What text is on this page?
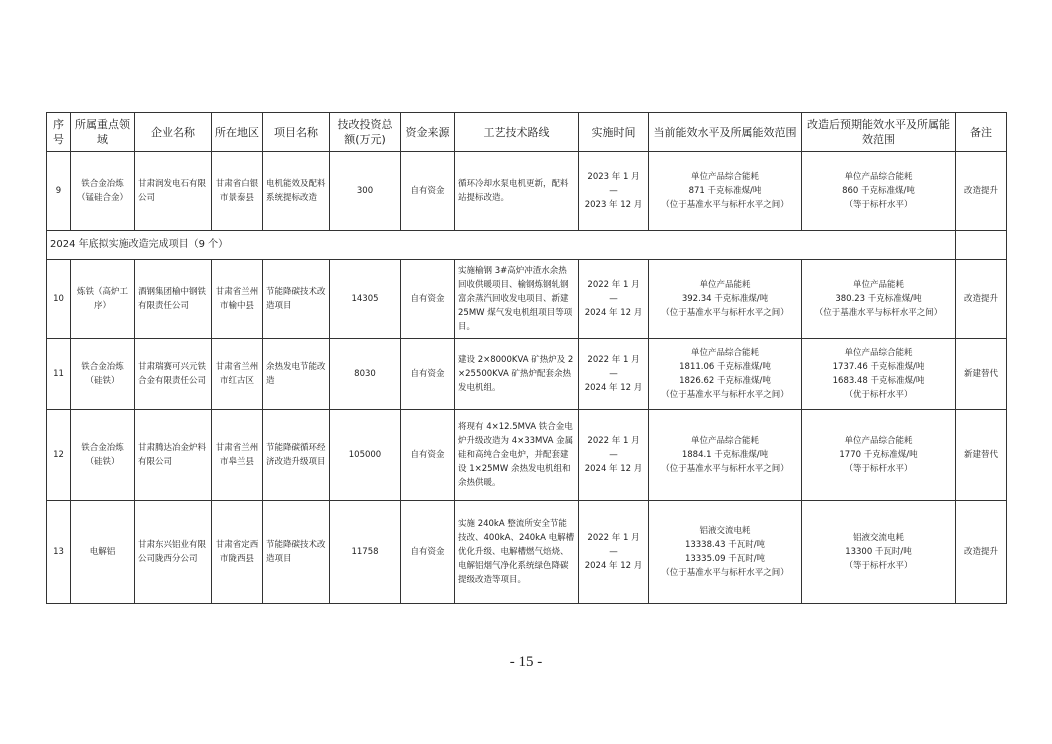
序号	所属重点领域	企业名称	所在地区	项目名称	技改投资总额(万元)	资金来源	工艺技术路线	实施时间	当前能效水平及所属能效范围	改造后预期能效水平及所属能效范围	备注
9	铁合金冶炼（锰硅合金）	甘肃润发电石有限公司	甘肃省白银市景泰县	电机能效及配料系统提标改造	300	自有资金	循环冷却水泵电机更新，配料站提标改造。	2023 年 1 月
—
2023 年 12 月	单位产品综合能耗
871 千克标准煤/吨
（位于基准水平与标杆水平之间）	单位产品综合能耗
860 千克标准煤/吨
（等于标杆水平）	改造提升
2024 年底拟实施改造完成项目（9 个）											
10	炼铁（高炉工序）	酒钢集团榆中钢铁有限责任公司	甘肃省兰州市榆中县	节能降碳技术改造项目	14305	自有资金	实施榆钢 3#高炉冲渣水余热回收供暖项目、榆钢炼钢轧钢富余蒸汽回收发电项目、新建 25MW 煤气发电机组项目等项目。	2022 年 1 月
—
2024 年 12 月	单位产品能耗
392.34 千克标准煤/吨
（位于基准水平与标杆水平之间）	单位产品能耗
380.23 千克标准煤/吨
（位于基准水平与标杆水平之间）	改造提升
11	铁合金冶炼（硅铁）	甘肃瑞赛可兴元铁合金有限责任公司	甘肃省兰州市红古区	余热发电节能改造	8030	自有资金	建设 2×8000KVA 矿热炉及 2×25500KVA 矿热炉配套余热发电机组。	2022 年 1 月
—
2024 年 12 月	单位产品综合能耗
1811.06 千克标准煤/吨
1826.62 千克标准煤/吨
（位于基准水平与标杆水平之间）	单位产品综合能耗
1737.46 千克标准煤/吨
1683.48 千克标准煤/吨
（优于标杆水平）	新建替代
12	铁合金冶炼（硅铁）	甘肃腾达冶金炉料有限公司	甘肃省兰州市皋兰县	节能降碳循环经济改造升级项目	105000	自有资金	将现有 4×12.5MVA 铁合金电炉升级改造为 4×33MVA 金属硅和高纯合金电炉，并配套建设 1×25MW 余热发电机组和余热供暖。	2022 年 1 月
—
2024 年 12 月	单位产品综合能耗
1884.1 千克标准煤/吨
（位于基准水平与标杆水平之间）	单位产品综合能耗
1770 千克标准煤/吨
（等于标杆水平）	新建替代
13	电解铝	甘肃东兴铝业有限公司陇西分公司	甘肃省定西市陇西县	节能降碳技术改造项目	11758	自有资金	实施 240kA 整流所安全节能技改、400kA、240kA 电解槽优化升级、电解槽燃气焙烧、电解铝烟气净化系统绿色降碳提级改造等项目。	2022 年 1 月
—
2024 年 12 月	铝液交流电耗
13338.43 千瓦时/吨
13335.09 千瓦时/吨
（位于基准水平与标杆水平之间）	铝液交流电耗
13300 千瓦时/吨
（等于标杆水平）	改造提升
- 15 -
